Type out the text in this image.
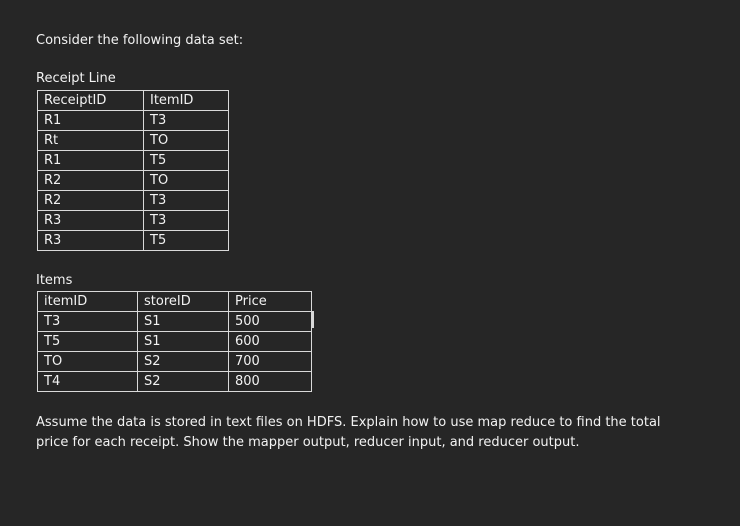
Consider the following data set:
Receipt Line
ReceiptID	ItemID
R1	T3
Rt	TO
R1	T5
R2	TO
R2	T3
R3	T3
R3	T5
Items
itemID	storeID	Price
T3	S1	500
T5	S1	600
TO	S2	700
T4	S2	800
Assume the data is stored in text files on HDFS. Explain how to use map reduce to find the total price for each receipt. Show the mapper output, reducer input, and reducer output.
